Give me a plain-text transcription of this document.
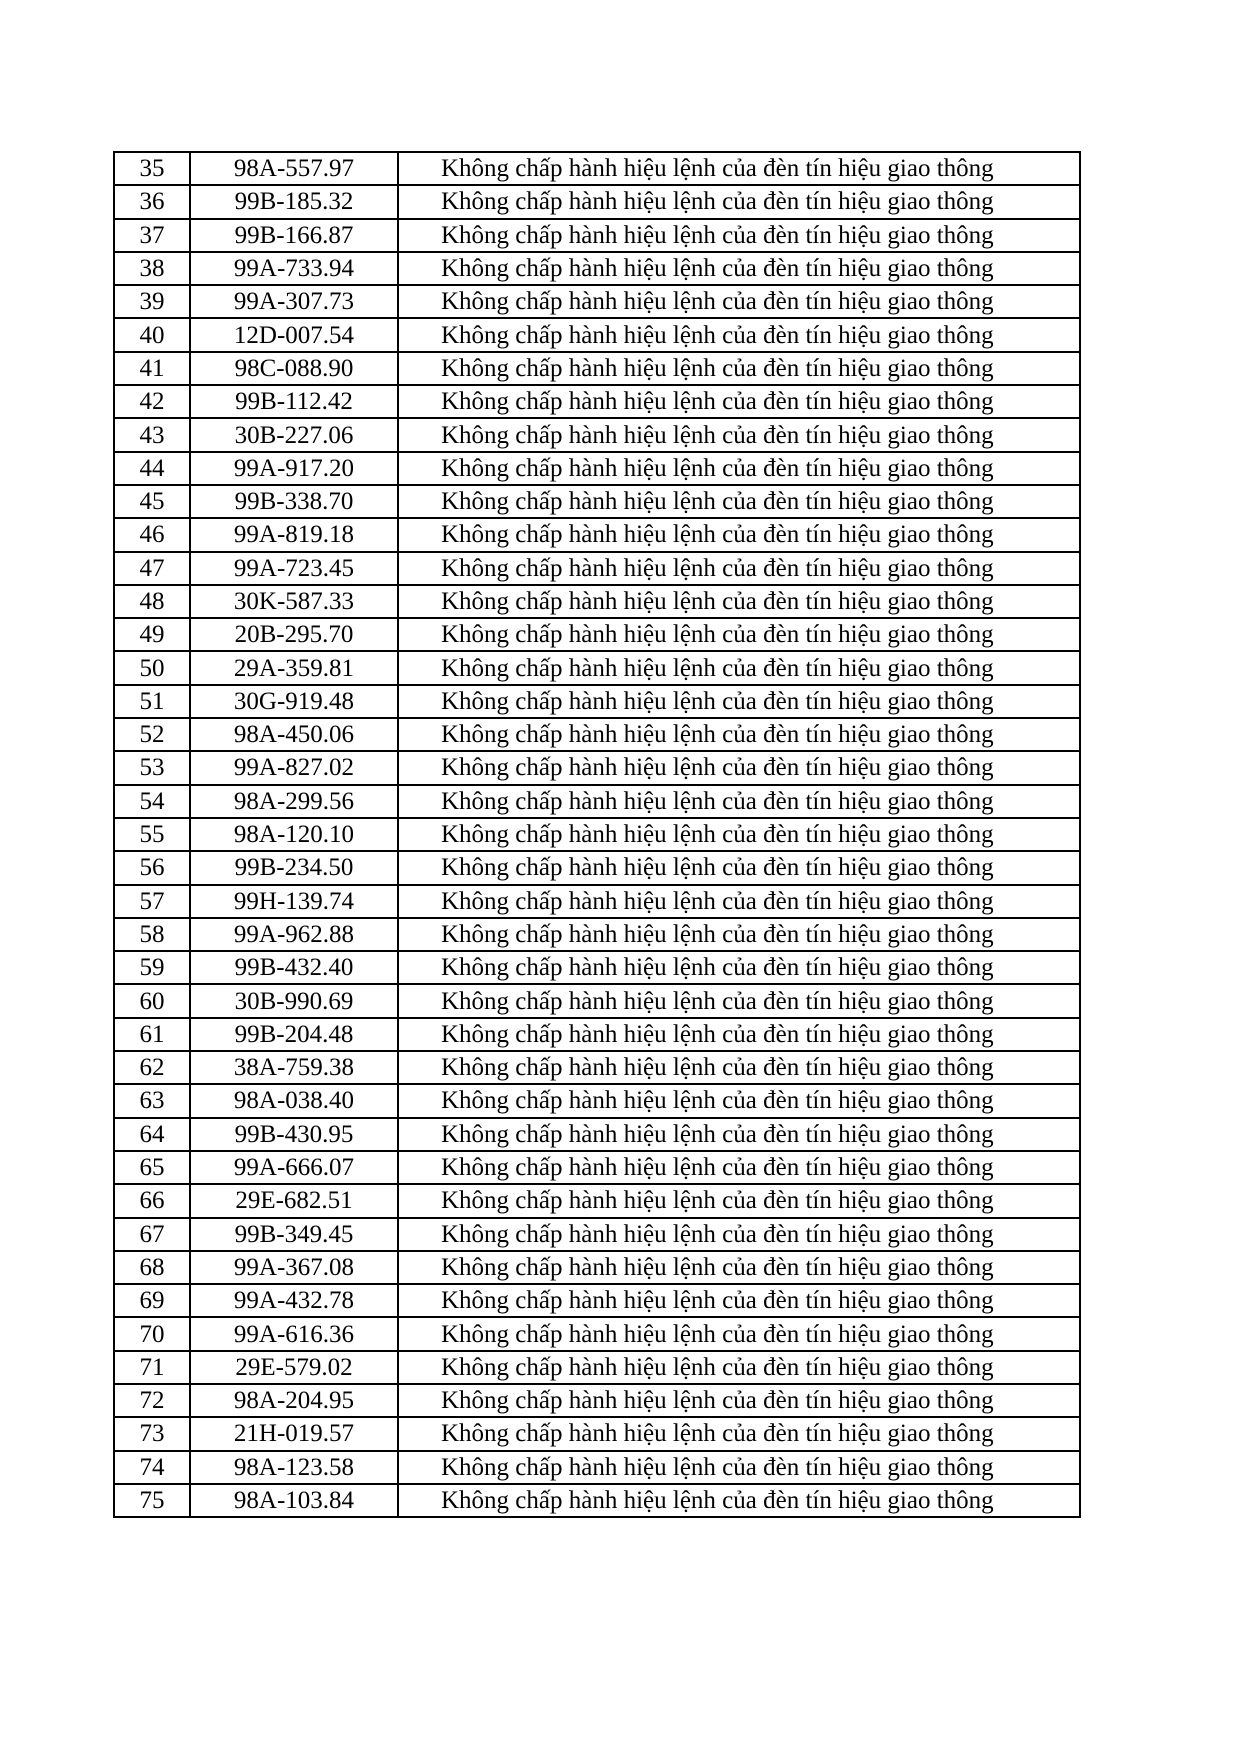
35	98A-557.97	Không chấp hành hiệu lệnh của đèn tín hiệu giao thông
36	99B-185.32	Không chấp hành hiệu lệnh của đèn tín hiệu giao thông
37	99B-166.87	Không chấp hành hiệu lệnh của đèn tín hiệu giao thông
38	99A-733.94	Không chấp hành hiệu lệnh của đèn tín hiệu giao thông
39	99A-307.73	Không chấp hành hiệu lệnh của đèn tín hiệu giao thông
40	12D-007.54	Không chấp hành hiệu lệnh của đèn tín hiệu giao thông
41	98C-088.90	Không chấp hành hiệu lệnh của đèn tín hiệu giao thông
42	99B-112.42	Không chấp hành hiệu lệnh của đèn tín hiệu giao thông
43	30B-227.06	Không chấp hành hiệu lệnh của đèn tín hiệu giao thông
44	99A-917.20	Không chấp hành hiệu lệnh của đèn tín hiệu giao thông
45	99B-338.70	Không chấp hành hiệu lệnh của đèn tín hiệu giao thông
46	99A-819.18	Không chấp hành hiệu lệnh của đèn tín hiệu giao thông
47	99A-723.45	Không chấp hành hiệu lệnh của đèn tín hiệu giao thông
48	30K-587.33	Không chấp hành hiệu lệnh của đèn tín hiệu giao thông
49	20B-295.70	Không chấp hành hiệu lệnh của đèn tín hiệu giao thông
50	29A-359.81	Không chấp hành hiệu lệnh của đèn tín hiệu giao thông
51	30G-919.48	Không chấp hành hiệu lệnh của đèn tín hiệu giao thông
52	98A-450.06	Không chấp hành hiệu lệnh của đèn tín hiệu giao thông
53	99A-827.02	Không chấp hành hiệu lệnh của đèn tín hiệu giao thông
54	98A-299.56	Không chấp hành hiệu lệnh của đèn tín hiệu giao thông
55	98A-120.10	Không chấp hành hiệu lệnh của đèn tín hiệu giao thông
56	99B-234.50	Không chấp hành hiệu lệnh của đèn tín hiệu giao thông
57	99H-139.74	Không chấp hành hiệu lệnh của đèn tín hiệu giao thông
58	99A-962.88	Không chấp hành hiệu lệnh của đèn tín hiệu giao thông
59	99B-432.40	Không chấp hành hiệu lệnh của đèn tín hiệu giao thông
60	30B-990.69	Không chấp hành hiệu lệnh của đèn tín hiệu giao thông
61	99B-204.48	Không chấp hành hiệu lệnh của đèn tín hiệu giao thông
62	38A-759.38	Không chấp hành hiệu lệnh của đèn tín hiệu giao thông
63	98A-038.40	Không chấp hành hiệu lệnh của đèn tín hiệu giao thông
64	99B-430.95	Không chấp hành hiệu lệnh của đèn tín hiệu giao thông
65	99A-666.07	Không chấp hành hiệu lệnh của đèn tín hiệu giao thông
66	29E-682.51	Không chấp hành hiệu lệnh của đèn tín hiệu giao thông
67	99B-349.45	Không chấp hành hiệu lệnh của đèn tín hiệu giao thông
68	99A-367.08	Không chấp hành hiệu lệnh của đèn tín hiệu giao thông
69	99A-432.78	Không chấp hành hiệu lệnh của đèn tín hiệu giao thông
70	99A-616.36	Không chấp hành hiệu lệnh của đèn tín hiệu giao thông
71	29E-579.02	Không chấp hành hiệu lệnh của đèn tín hiệu giao thông
72	98A-204.95	Không chấp hành hiệu lệnh của đèn tín hiệu giao thông
73	21H-019.57	Không chấp hành hiệu lệnh của đèn tín hiệu giao thông
74	98A-123.58	Không chấp hành hiệu lệnh của đèn tín hiệu giao thông
75	98A-103.84	Không chấp hành hiệu lệnh của đèn tín hiệu giao thông
